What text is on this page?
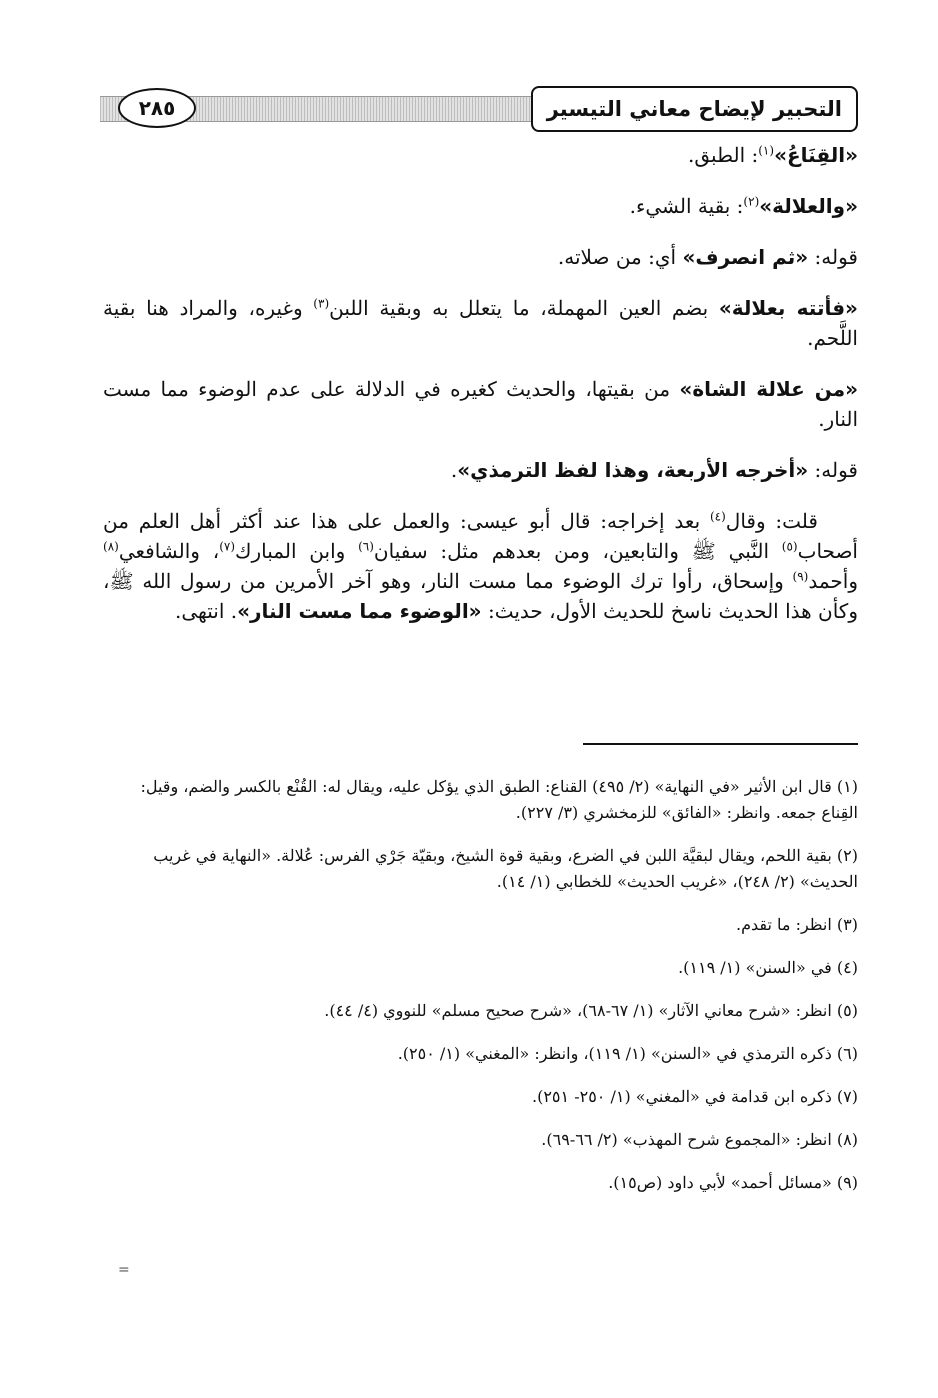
التحبير لإيضاح معاني التيسير
٢٨٥

«القِنَاعُ»$^{(١)}$: الطبق.

«والعلالة»$^{(٢)}$: بقية الشيء.

قوله: «ثم انصرف» أي: من صلاته.

«فأتته بعلالة» بضم العين المهملة، ما يتعلل به وبقية اللبن$^{(٣)}$ وغيره، والمراد هنا بقية اللَّحم.

«من علالة الشاة» من بقيتها، والحديث كغيره في الدلالة على عدم الوضوء مما مست النار.

قوله: «أخرجه الأربعة، وهذا لفظ الترمذي».

قلت: وقال$^{(٤)}$ بعد إخراجه: قال أبو عيسى: والعمل على هذا عند أكثر أهل العلم من أصحاب$^{(٥)}$ النَّبي ﷺ والتابعين، ومن بعدهم مثل: سفيان$^{(٦)}$ وابن المبارك$^{(٧)}$، والشافعي$^{(٨)}$ وأحمد$^{(٩)}$ وإسحاق، رأوا ترك الوضوء مما مست النار، وهو آخر الأمرين من رسول الله ﷺ، وكأن هذا الحديث ناسخ للحديث الأول، حديث: «الوضوء مما مست النار». انتهى.

(١) قال ابن الأثير «في النهاية» (٢/ ٤٩٥) القناع: الطبق الذي يؤكل عليه، ويقال له: القُنْع بالكسر والضم، وقيل: القِناع جمعه. وانظر: «الفائق» للزمخشري (٣/ ٢٢٧).

(٢) بقية اللحم، ويقال لبقيَّة اللبن في الضرع، وبقية قوة الشيخ، وبقيّة جَرْي الفرس: عُلالة. «النهاية في غريب الحديث» (٢/ ٢٤٨)، «غريب الحديث» للخطابي (١/ ١٤).

(٣) انظر: ما تقدم.

(٤) في «السنن» (١/ ١١٩).

(٥) انظر: «شرح معاني الآثار» (١/ ٦٧-٦٨)، «شرح صحيح مسلم» للنووي (٤/ ٤٤).

(٦) ذكره الترمذي في «السنن» (١/ ١١٩)، وانظر: «المغني» (١/ ٢٥٠).

(٧) ذكره ابن قدامة في «المغني» (١/ ٢٥٠- ٢٥١).

(٨) انظر: «المجموع شرح المهذب» (٢/ ٦٦-٦٩).

(٩) «مسائل أحمد» لأبي داود (ص١٥).

=
